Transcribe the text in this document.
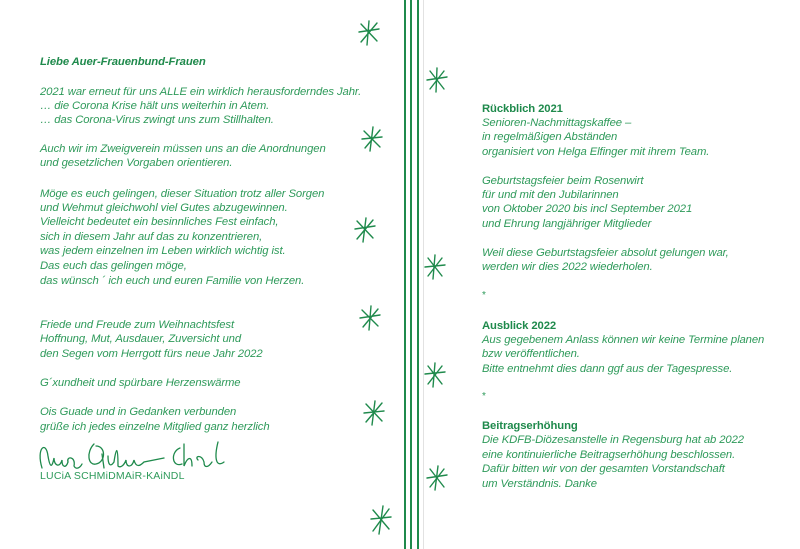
Liebe Auer-Frauenbund-Frauen
2021 war erneut für uns ALLE ein wirklich herausforderndes Jahr.
… die Corona Krise hält uns weiterhin in Atem.
… das Corona-Virus zwingt uns zum Stillhalten.
Auch wir im Zweigverein müssen uns an die Anordnungen
und gesetzlichen Vorgaben orientieren.
Möge es euch gelingen, dieser Situation trotz aller Sorgen
und Wehmut gleichwohl viel Gutes abzugewinnen.
Vielleicht bedeutet ein besinnliches Fest einfach,
sich in diesem Jahr auf das zu konzentrieren,
was jedem einzelnen im Leben wirklich wichtig ist.
Das euch das gelingen möge,
das wünsch ´ ich euch und euren Familie von Herzen.
Friede und Freude zum Weihnachtsfest
Hoffnung, Mut, Ausdauer, Zuversicht und
den Segen vom Herrgott fürs neue Jahr 2022
G´xundheit und spürbare Herzenswärme
Ois Guade und in Gedanken verbunden
grüße ich jedes einzelne Mitglied ganz herzlich
LUCiA SCHMiDMAiR-KAiNDL
Rückblich 2021
Senioren-Nachmittagskaffee –
in regelmäßigen Abständen
organisiert von Helga Elfinger mit ihrem Team.
Geburtstagsfeier beim Rosenwirt
für und mit den Jubilarinnen
von Oktober 2020 bis incl September 2021
und Ehrung langjähriger Mitglieder
Weil diese Geburtstagsfeier absolut gelungen war,
werden wir dies 2022 wiederholen.
*
Ausblick 2022
Aus gegebenem Anlass können wir keine Termine planen
bzw veröffentlichen.
Bitte entnehmt dies dann ggf aus der Tagespresse.
*
Beitragserhöhung
Die KDFB-Diözesanstelle in Regensburg hat ab 2022
eine kontinuierliche Beitragserhöhung beschlossen.
Dafür bitten wir von der gesamten Vorstandschaft
um Verständnis. Danke
